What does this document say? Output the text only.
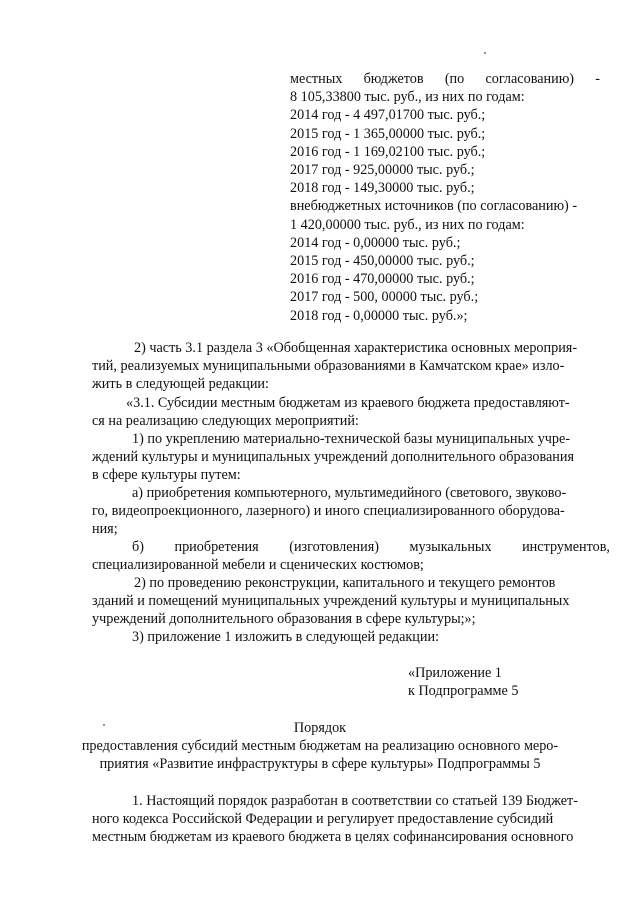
местных бюджетов (по согласованию) -
8 105,33800 тыс. руб., из них по годам:
2014 год - 4 497,01700 тыс. руб.;
2015 год - 1 365,00000 тыс. руб.;
2016 год - 1 169,02100 тыс. руб.;
2017 год - 925,00000 тыс. руб.;
2018 год - 149,30000 тыс. руб.;
внебюджетных источников (по согласованию) -
1 420,00000 тыс. руб., из них по годам:
2014 год - 0,00000 тыс. руб.;
2015 год - 450,00000 тыс. руб.;
2016 год - 470,00000 тыс. руб.;
2017 год - 500, 00000 тыс. руб.;
2018 год - 0,00000 тыс. руб.»;
2) часть 3.1 раздела 3 «Обобщенная характеристика основных мероприя-
тий, реализуемых муниципальными образованиями в Камчатском крае» изло-
жить в следующей редакции:
«3.1. Субсидии местным бюджетам из краевого бюджета предоставляют-
ся на реализацию следующих мероприятий:
1) по укреплению материально-технической базы муниципальных учре-
ждений культуры и муниципальных учреждений дополнительного образования
в сфере культуры путем:
а) приобретения компьютерного, мультимедийного (светового, звуково-
го, видеопроекционного, лазерного) и иного специализированного оборудова-
ния;
б) приобретения (изготовления) музыкальных инструментов,
специализированной мебели и сценических костюмов;
2) по проведению реконструкции, капитального и текущего ремонтов
зданий и помещений муниципальных учреждений культуры и муниципальных
учреждений дополнительного образования в сфере культуры;»;
3) приложение 1 изложить в следующей редакции:
«Приложение 1
к Подпрограмме 5
Порядок
предоставления субсидий местным бюджетам на реализацию основного меро-
приятия «Развитие инфраструктуры в сфере культуры» Подпрограммы 5
1. Настоящий порядок разработан в соответствии со статьей 139 Бюджет-
ного кодекса Российской Федерации и регулирует предоставление субсидий
местным бюджетам из краевого бюджета в целях софинансирования основного
